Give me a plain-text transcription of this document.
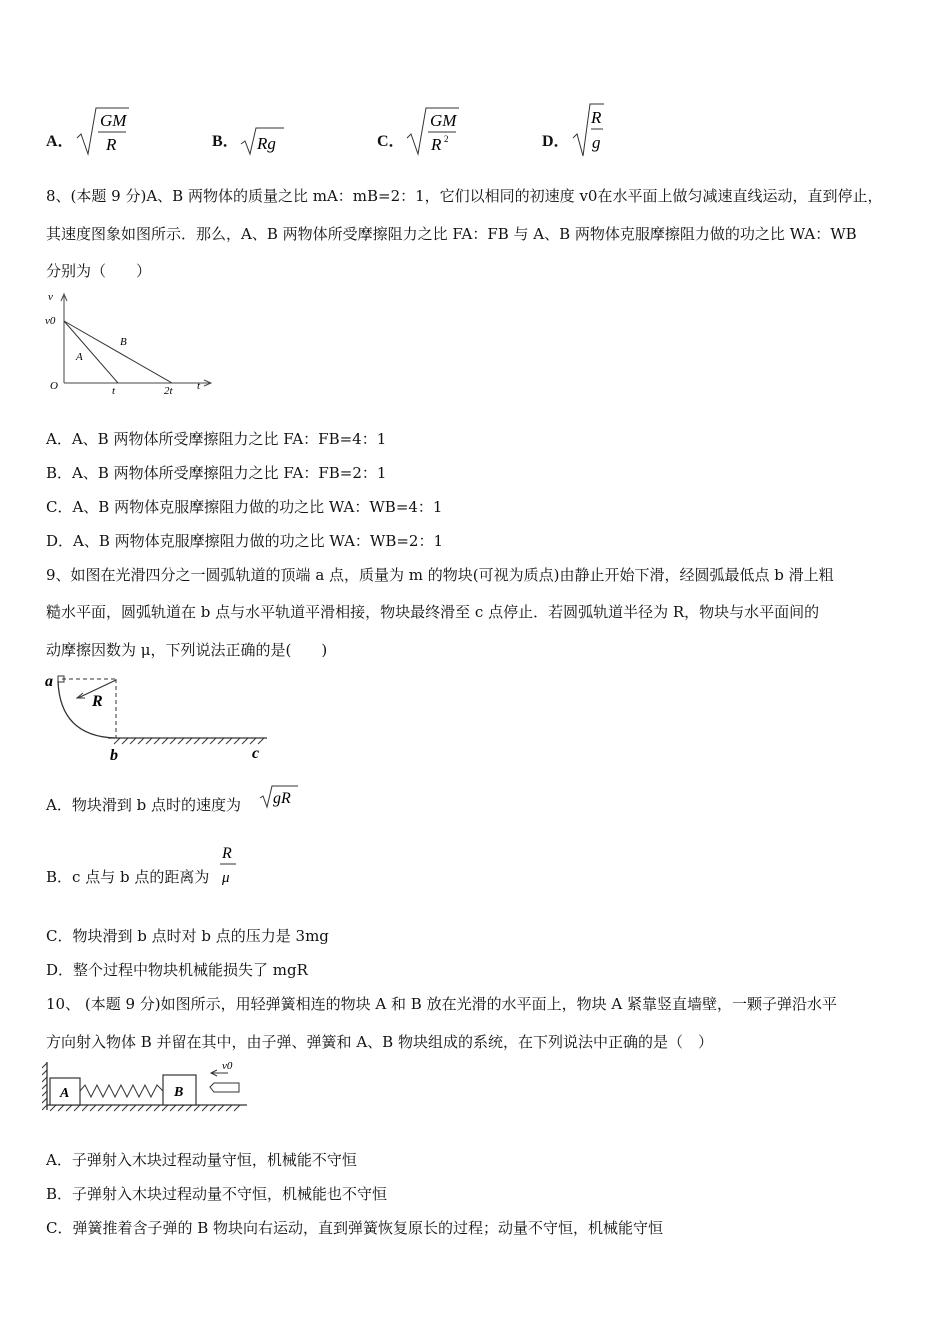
A．
GM
R	B． Rg	C．
GM
R 2	D．
R
g
8、(本题 9 分)A、B 两物体的质量之比 mA：mB=2：1，它们以相同的初速度 v0在水平面上做匀减速直线运动，直到停止，
其速度图象如图所示．那么，A、B 两物体所受摩擦阻力之比 FA：FB 与 A、B 两物体克服摩擦阻力做的功之比 WA：WB
分别为（　　）
v
v0
O
A
B
t	2t t
A．A、B 两物体所受摩擦阻力之比 FA：FB=4：1
B．A、B 两物体所受摩擦阻力之比 FA：FB=2：1
C．A、B 两物体克服摩擦阻力做的功之比 WA：WB=4：1
D．A、B 两物体克服摩擦阻力做的功之比 WA：WB=2：1
9、如图在光滑四分之一圆弧轨道的顶端 a 点，质量为 m 的物块(可视为质点)由静止开始下滑，经圆弧最低点 b 滑上粗
糙水平面，圆弧轨道在 b 点与水平轨道平滑相接，物块最终滑至 c 点停止．若圆弧轨道半径为 R，物块与水平面间的
动摩擦因数为 μ，下列说法正确的是(　　)
a
R
b	c
A．物块滑到 b 点时的速度为 gR
B．c 点与 b 点的距离为
R
μ
C．物块滑到 b 点时对 b 点的压力是 3mg
D．整个过程中物块机械能损失了 mgR
10、 (本题 9 分)如图所示，用轻弹簧相连的物块 A 和 B 放在光滑的水平面上，物块 A 紧靠竖直墙壁，一颗子弹沿水平
方向射入物体 B 并留在其中，由子弹、弹簧和 A、B 物块组成的系统，在下列说法中正确的是（　）
A	B
v0
A．子弹射入木块过程动量守恒，机械能不守恒
B．子弹射入木块过程动量不守恒，机械能也不守恒
C．弹簧推着含子弹的 B 物块向右运动，直到弹簧恢复原长的过程；动量不守恒，机械能守恒
